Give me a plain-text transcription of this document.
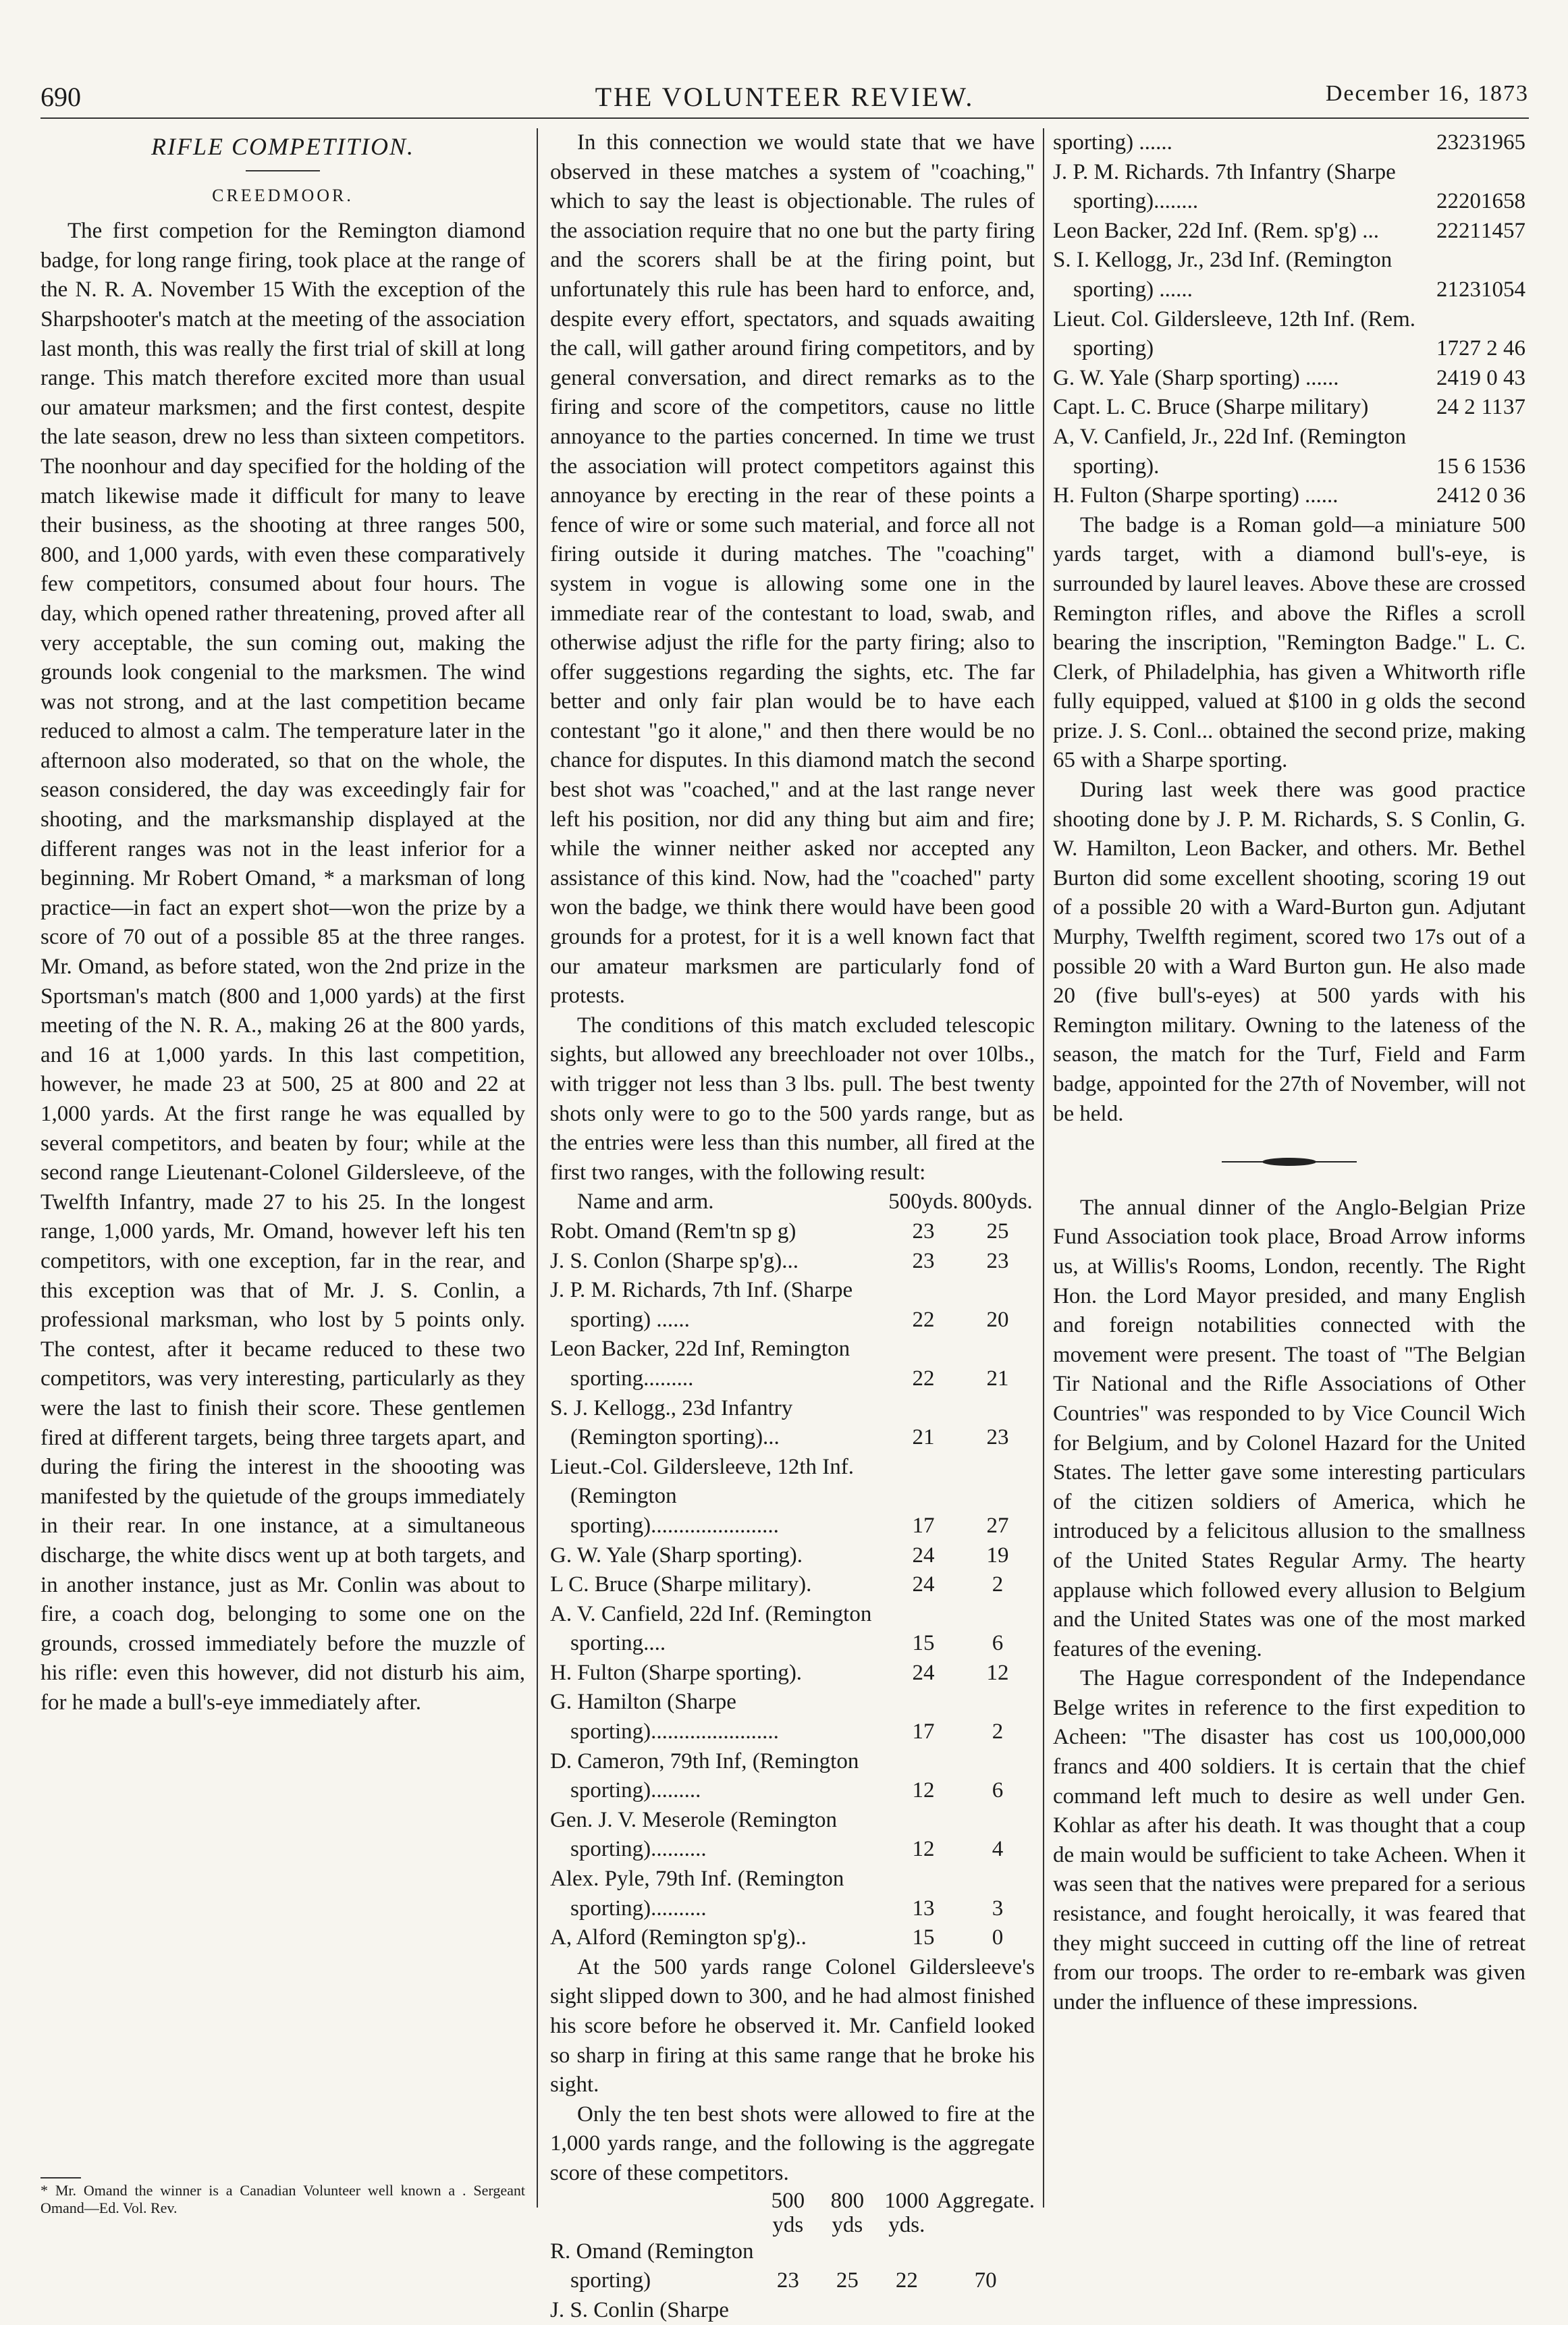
690	THE VOLUNTEER REVIEW.	December 16, 1873
RIFLE COMPETITION.
CREEDMOOR.

The first competion for the Remington diamond badge, for long range firing, took place at the range of the N. R. A. November 15 With the exception of the Sharpshooter's match at the meeting of the association last month, this was really the first trial of skill at long range. This match therefore excited more than usual our amateur marksmen; and the first contest, despite the late season, drew no less than sixteen competitors. The noonhour and day specified for the holding of the match likewise made it difficult for many to leave their business, as the shooting at three ranges 500, 800, and 1,000 yards, with even these comparatively few competitors, consumed about four hours. The day, which opened rather threatening, proved after all very acceptable, the sun coming out, making the grounds look congenial to the marksmen. The wind was not strong, and at the last competition became reduced to almost a calm. The temperature later in the afternoon also moderated, so that on the whole, the season considered, the day was exceedingly fair for shooting, and the marksmanship displayed at the different ranges was not in the least inferior for a beginning. Mr Robert Omand, * a marksman of long practice—in fact an expert shot—won the prize by a score of 70 out of a possible 85 at the three ranges. Mr. Omand, as before stated, won the 2nd prize in the Sportsman's match (800 and 1,000 yards) at the first meeting of the N. R. A., making 26 at the 800 yards, and 16 at 1,000 yards. In this last competition, however, he made 23 at 500, 25 at 800 and 22 at 1,000 yards. At the first range he was equalled by several competitors, and beaten by four; while at the second range Lieutenant-Colonel Gildersleeve, of the Twelfth Infantry, made 27 to his 25. In the longest range, 1,000 yards, Mr. Omand, however left his ten competitors, with one exception, far in the rear, and this exception was that of Mr. J. S. Conlin, a professional marksman, who lost by 5 points only. The contest, after it became reduced to these two competitors, was very interesting, particularly as they were the last to finish their score. These gentlemen fired at different targets, being three targets apart, and during the firing the interest in the shoooting was manifested by the quietude of the groups immediately in their rear. In one instance, at a simultaneous discharge, the white discs went up at both targets, and in another instance, just as Mr. Conlin was about to fire, a coach dog, belonging to some one on the grounds, crossed immediately before the muzzle of his rifle: even this however, did not disturb his aim, for he made a bull's-eye immediately after.

* Mr. Omand the winner is a Canadian Volunteer well known a . Sergeant Omand—Ed. Vol. Rev.

In this connection we would state that we have observed in these matches a system of "coaching," which to say the least is objectionable. The rules of the association require that no one but the party firing and the scorers shall be at the firing point, but unfortunately this rule has been hard to enforce, and, despite every effort, spectators, and squads awaiting the call, will gather around firing competitors, and by general conversation, and direct remarks as to the firing and score of the competitors, cause no little annoyance to the parties concerned. In time we trust the association will protect competitors against this annoyance by erecting in the rear of these points a fence of wire or some such material, and force all not firing outside it during matches. The "coaching" system in vogue is allowing some one in the immediate rear of the contestant to load, swab, and otherwise adjust the rifle for the party firing; also to offer suggestions regarding the sights, etc. The far better and only fair plan would be to have each contestant "go it alone," and then there would be no chance for disputes. In this diamond match the second best shot was "coached," and at the last range never left his position, nor did any thing but aim and fire; while the winner neither asked nor accepted any assistance of this kind. Now, had the "coached" party won the badge, we think there would have been good grounds for a protest, for it is a well known fact that our amateur marksmen are particularly fond of protests.

The conditions of this match excluded telescopic sights, but allowed any breechloader not over 10lbs., with trigger not less than 3 lbs. pull. The best twenty shots only were to go to the 500 yards range, but as the entries were less than this number, all fired at the first two ranges, with the following result:

Name and arm.	500yds.	800yds.

Robt. Omand (Rem'tn sp g)	23	25

J. S. Conlon (Sharpe sp'g)...	23	23

J. P. M. Richards, 7th Inf. (Sharpe sporting) ......	22	20

Leon Backer, 22d Inf, Remington sporting.........	22	21

S. J. Kellogg., 23d Infantry (Remington sporting)...	21	23

Lieut.-Col. Gildersleeve, 12th Inf. (Remington sporting).......................	17	27

G. W. Yale (Sharp sporting).	24	19

L C. Bruce (Sharpe military).	24	2

A. V. Canfield, 22d Inf. (Remington sporting....	15	6

H. Fulton (Sharpe sporting).	24	12

G. Hamilton (Sharpe sporting).......................	17	2

D. Cameron, 79th Inf, (Remington sporting).........	12	6

Gen. J. V. Meserole (Remington sporting)..........	12	4

Alex. Pyle, 79th Inf. (Remington sporting)..........	13	3

A, Alford (Remington sp'g)..	15	0

At the 500 yards range Colonel Gildersleeve's sight slipped down to 300, and he had almost finished his score before he observed it. Mr. Canfield looked so sharp in firing at this same range that he broke his sight.

Only the ten best shots were allowed to fire at the 1,000 yards range, and the following is the aggregate score of these competitors.

	500 yds	800 yds	1000 yds.	Aggregate.

R. Omand (Remington sporting)	23	25	22	70

J. S. Conlin (Sharpe				

sporting) ......	23	23	19	65

J. P. M. Richards. 7th Infantry (Sharpe sporting)........	22	20	16	58

Leon Backer, 22d Inf. (Rem. sp'g) ...	22	21	14	57

S. I. Kellogg, Jr., 23d Inf. (Remington sporting) ......	21	23	10	54

Lieut. Col. Gildersleeve, 12th Inf. (Rem. sporting)	17	27	2	46

G. W. Yale (Sharp sporting) ......	24	19	0	43

Capt. L. C. Bruce (Sharpe military)	24	2	11	37

A, V. Canfield, Jr., 22d Inf. (Remington sporting).	15	6	15	36

H. Fulton (Sharpe sporting) ......	24	12	0	36

The badge is a Roman gold—a miniature 500 yards target, with a diamond bull's-eye, is surrounded by laurel leaves. Above these are crossed Remington rifles, and above the Rifles a scroll bearing the inscription, "Remington Badge." L. C. Clerk, of Philadelphia, has given a Whitworth rifle fully equipped, valued at $100 in g olds the second prize. J. S. Conl... obtained the second prize, making 65 with a Sharpe sporting.

During last week there was good practice shooting done by J. P. M. Richards, S. S Conlin, G. W. Hamilton, Leon Backer, and others. Mr. Bethel Burton did some excellent shooting, scoring 19 out of a possible 20 with a Ward-Burton gun. Adjutant Murphy, Twelfth regiment, scored two 17s out of a possible 20 with a Ward Burton gun. He also made 20 (five bull's-eyes) at 500 yards with his Remington military. Owning to the lateness of the season, the match for the Turf, Field and Farm badge, appointed for the 27th of November, will not be held.

The annual dinner of the Anglo-Belgian Prize Fund Association took place, Broad Arrow informs us, at Willis's Rooms, London, recently. The Right Hon. the Lord Mayor presided, and many English and foreign notabilities connected with the movement were present. The toast of "The Belgian Tir National and the Rifle Associations of Other Countries" was responded to by Vice Council Wich for Belgium, and by Colonel Hazard for the United States. The letter gave some interesting particulars of the citizen soldiers of America, which he introduced by a felicitous allusion to the smallness of the United States Regular Army. The hearty applause which followed every allusion to Belgium and the United States was one of the most marked features of the evening.

The Hague correspondent of the Independance Belge writes in reference to the first expedition to Acheen: "The disaster has cost us 100,000,000 francs and 400 soldiers. It is certain that the chief command left much to desire as well under Gen. Kohlar as after his death. It was thought that a coup de main would be sufficient to take Acheen. When it was seen that the natives were prepared for a serious resistance, and fought heroically, it was feared that they might succeed in cutting off the line of retreat from our troops. The order to re-embark was given under the influence of these impressions.
